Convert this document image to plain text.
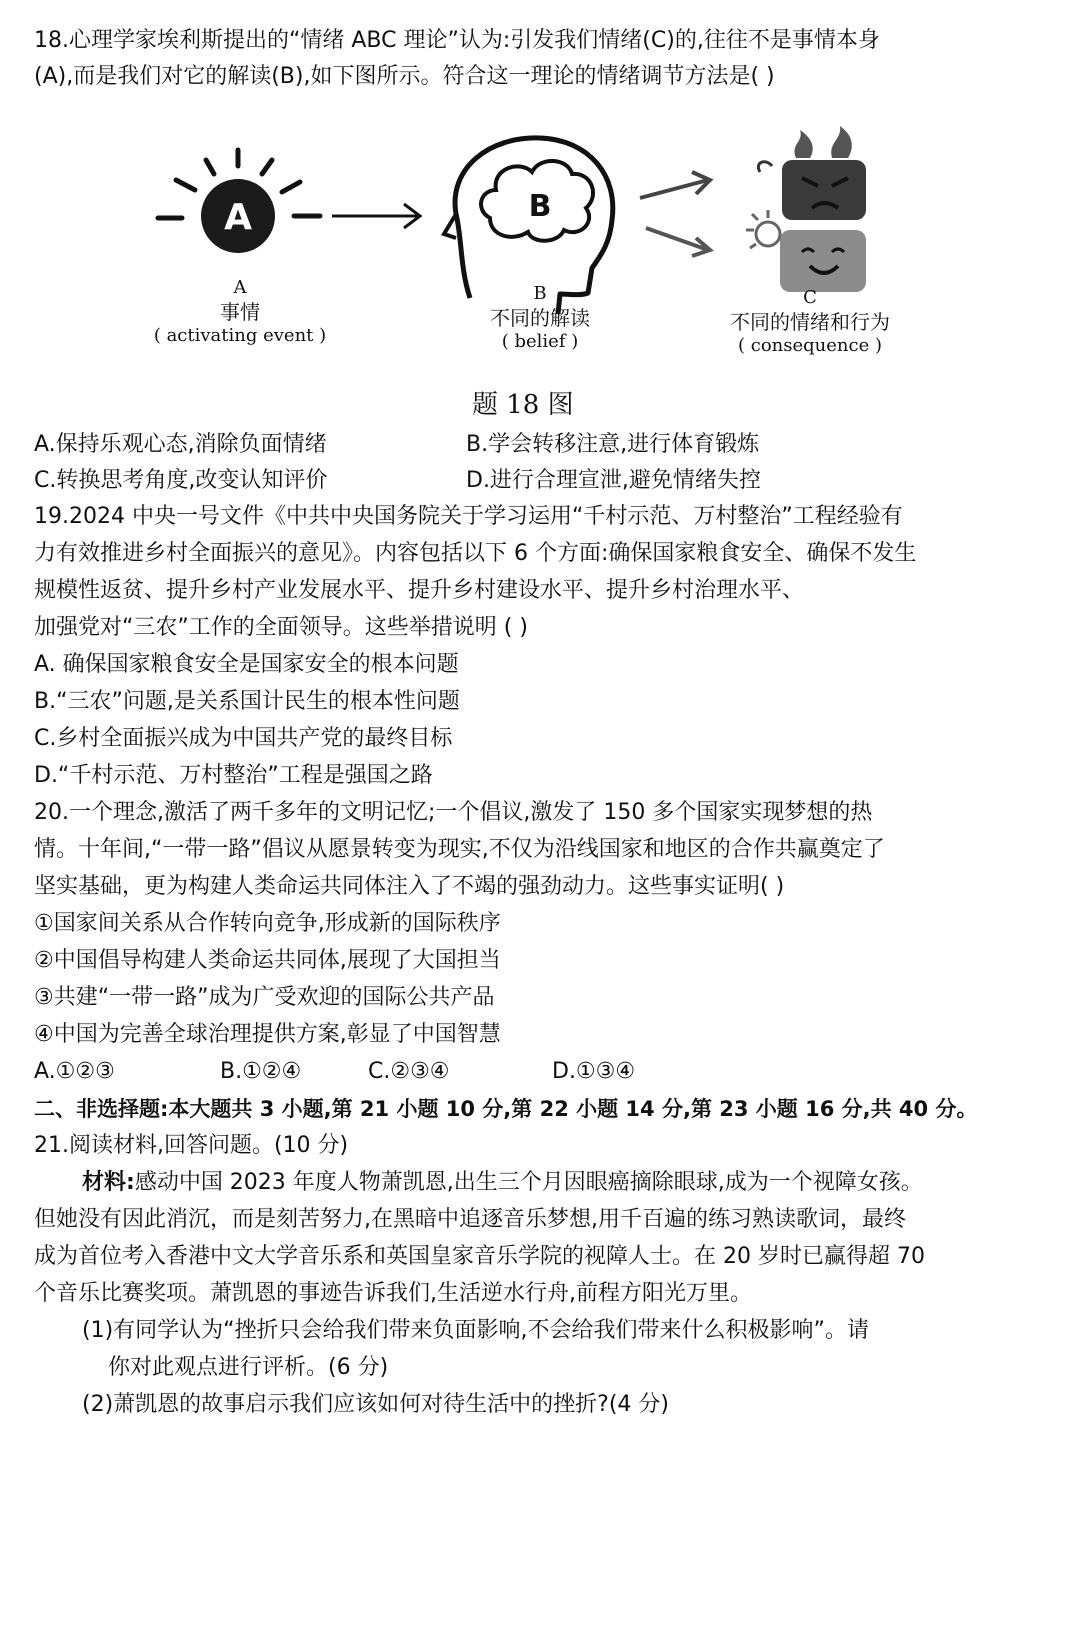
18.心理学家埃利斯提出的“情绪 ABC 理论”认为:引发我们情绪(C)的,往往不是事情本身
(A),而是我们对它的解读(B),如下图所示。符合这一理论的情绪调节方法是( )
A	B
A
事情
( activating event )
B
不同的解读
( belief )
C
不同的情绪和行为
( consequence )
题 18 图
A.保持乐观心态,消除负面情绪	B.学会转移注意,进行体育锻炼
C.转换思考角度,改变认知评价	D.进行合理宣泄,避免情绪失控
19.2024 中央一号文件《中共中央国务院关于学习运用“千村示范、万村整治”工程经验有
力有效推进乡村全面振兴的意见》。内容包括以下 6 个方面:确保国家粮食安全、确保不发生
规模性返贫、提升乡村产业发展水平、提升乡村建设水平、提升乡村治理水平、
加强党对“三农”工作的全面领导。这些举措说明 ( )
A. 确保国家粮食安全是国家安全的根本问题
B.“三农”问题,是关系国计民生的根本性问题
C.乡村全面振兴成为中国共产党的最终目标
D.“千村示范、万村整治”工程是强国之路
20.一个理念,激活了两千多年的文明记忆;一个倡议,激发了 150 多个国家实现梦想的热
情。十年间,“一带一路”倡议从愿景转变为现实,不仅为沿线国家和地区的合作共赢奠定了
坚实基础，更为构建人类命运共同体注入了不竭的强劲动力。这些事实证明( )
①国家间关系从合作转向竞争,形成新的国际秩序
②中国倡导构建人类命运共同体,展现了大国担当
③共建“一带一路”成为广受欢迎的国际公共产品
④中国为完善全球治理提供方案,彰显了中国智慧
A.①②③	B.①②④	C.②③④	D.①③④
二、非选择题:本大题共 3 小题,第 21 小题 10 分,第 22 小题 14 分,第 23 小题 16 分,共 40 分。
21.阅读材料,回答问题。(10 分)
材料:感动中国 2023 年度人物萧凯恩,出生三个月因眼癌摘除眼球,成为一个视障女孩。
但她没有因此消沉，而是刻苦努力,在黑暗中追逐音乐梦想,用千百遍的练习熟读歌词，最终
成为首位考入香港中文大学音乐系和英国皇家音乐学院的视障人士。在 20 岁时已赢得超 70
个音乐比赛奖项。萧凯恩的事迹告诉我们,生活逆水行舟,前程方阳光万里。
(1)有同学认为“挫折只会给我们带来负面影响,不会给我们带来什么积极影响”。请
你对此观点进行评析。(6 分)
(2)萧凯恩的故事启示我们应该如何对待生活中的挫折?(4 分)
